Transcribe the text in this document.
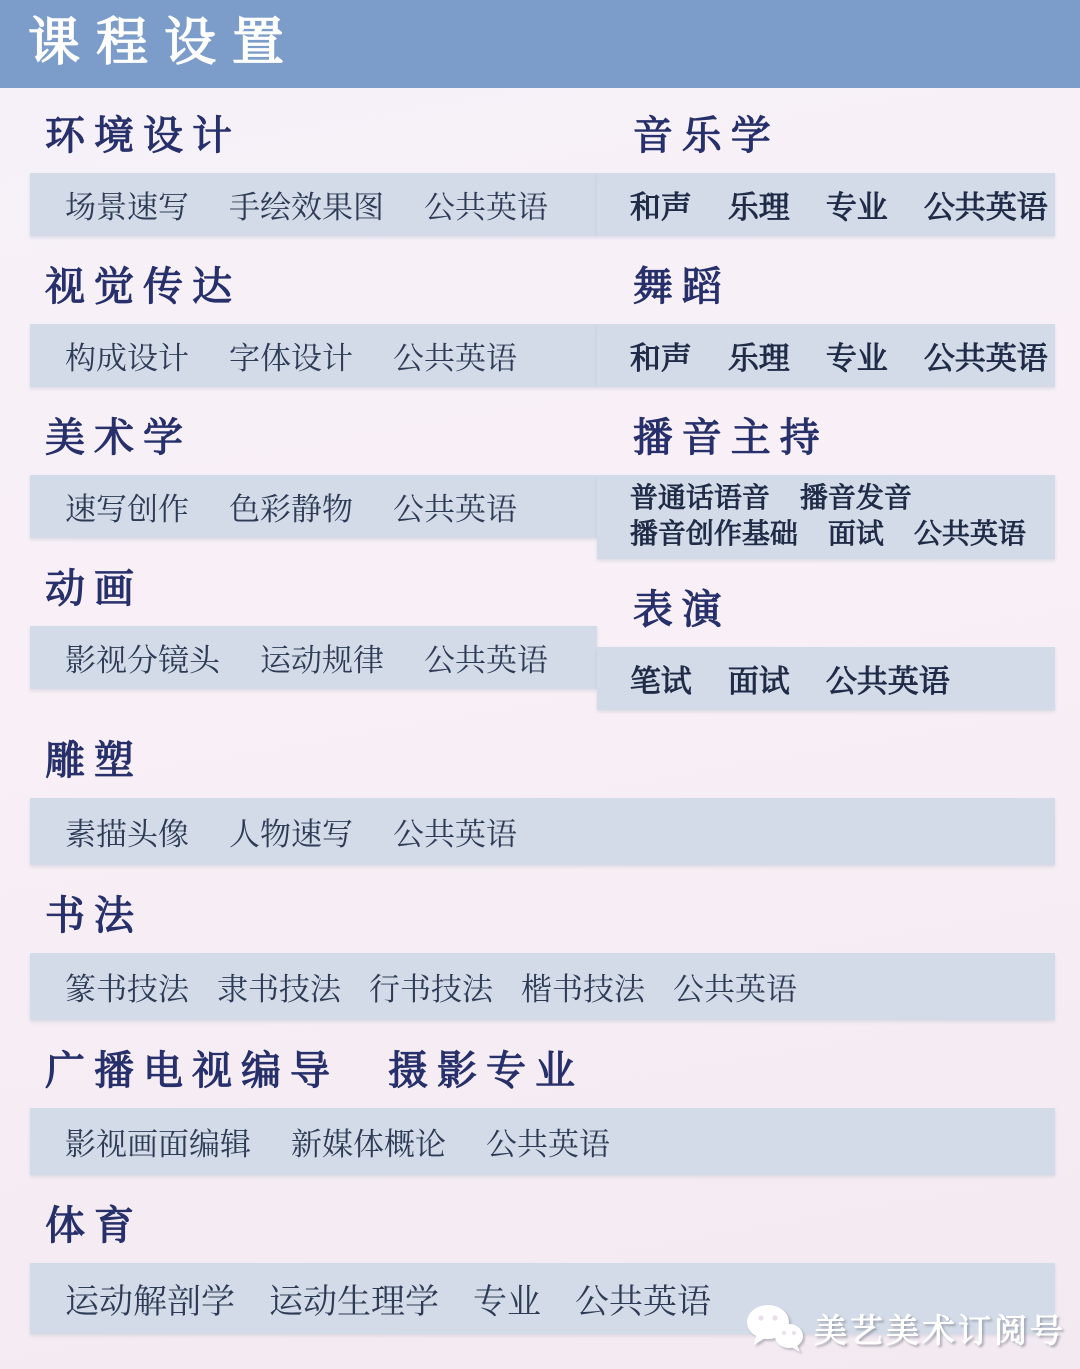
课程设置
环境设计
场景速写 手绘效果图 公共英语
视觉传达
构成设计 字体设计 公共英语
美术学
速写创作 色彩静物 公共英语
动画
影视分镜头 运动规律 公共英语
音乐学
和声 乐理 专业 公共英语
舞蹈
和声 乐理 专业 公共英语
播音主持
普通话语音 播音发音
播音创作基础 面试 公共英语
表演
笔试 面试 公共英语
雕塑
素描头像 人物速写 公共英语
书法
篆书技法 隶书技法 行书技法 楷书技法 公共英语
广播电视编导　摄影专业
影视画面编辑 新媒体概论 公共英语
体育
运动解剖学 运动生理学 专业 公共英语
美艺美术订阅号
